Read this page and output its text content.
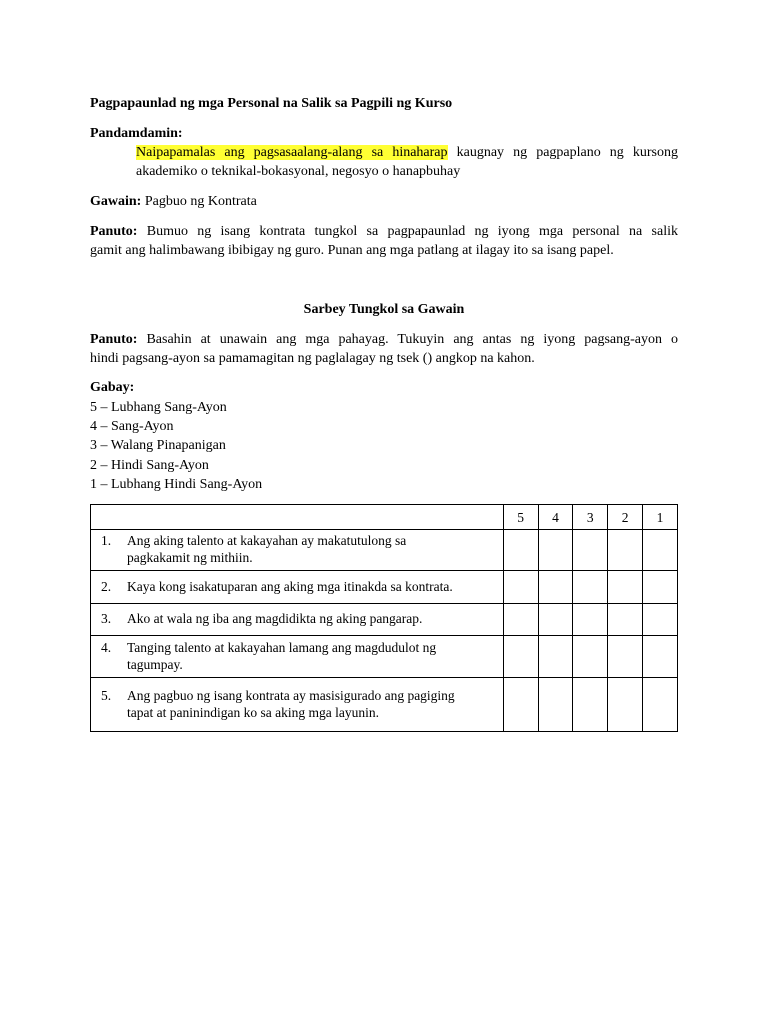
Pagpapaunlad ng mga Personal na Salik sa Pagpili ng Kurso
Pandamdamin:
Naipapamalas ang pagsasaalang-alang sa hinaharap kaugnay ng pagpaplano ng kursong
akademiko o teknikal-bokasyonal, negosyo o hanapbuhay
Gawain: Pagbuo ng Kontrata
Panuto: Bumuo ng isang kontrata tungkol sa pagpapaunlad ng iyong mga personal na salik
gamit ang halimbawang ibibigay ng guro. Punan ang mga patlang at ilagay ito sa isang papel.
Sarbey Tungkol sa Gawain
Panuto: Basahin at unawain ang mga pahayag. Tukuyin ang antas ng iyong pagsang-ayon o
hindi pagsang-ayon sa pamamagitan ng paglalagay ng tsek () angkop na kahon.
Gabay:
5 – Lubhang Sang-Ayon
4 – Sang-Ayon
3 – Walang Pinapanigan
2 – Hindi Sang-Ayon
1 – Lubhang Hindi Sang-Ayon
	5	4	3	2	1

1. Ang aking talento at kakayahan ay makatutulong sa
pagkakamit ng mithiin.					

2. Kaya kong isakatuparan ang aking mga itinakda sa kontrata.					

3. Ako at wala ng iba ang magdidikta ng aking pangarap.					

4. Tanging talento at kakayahan lamang ang magdudulot ng
tagumpay.					

5. Ang pagbuo ng isang kontrata ay masisigurado ang pagiging
tapat at paninindigan ko sa aking mga layunin.					
